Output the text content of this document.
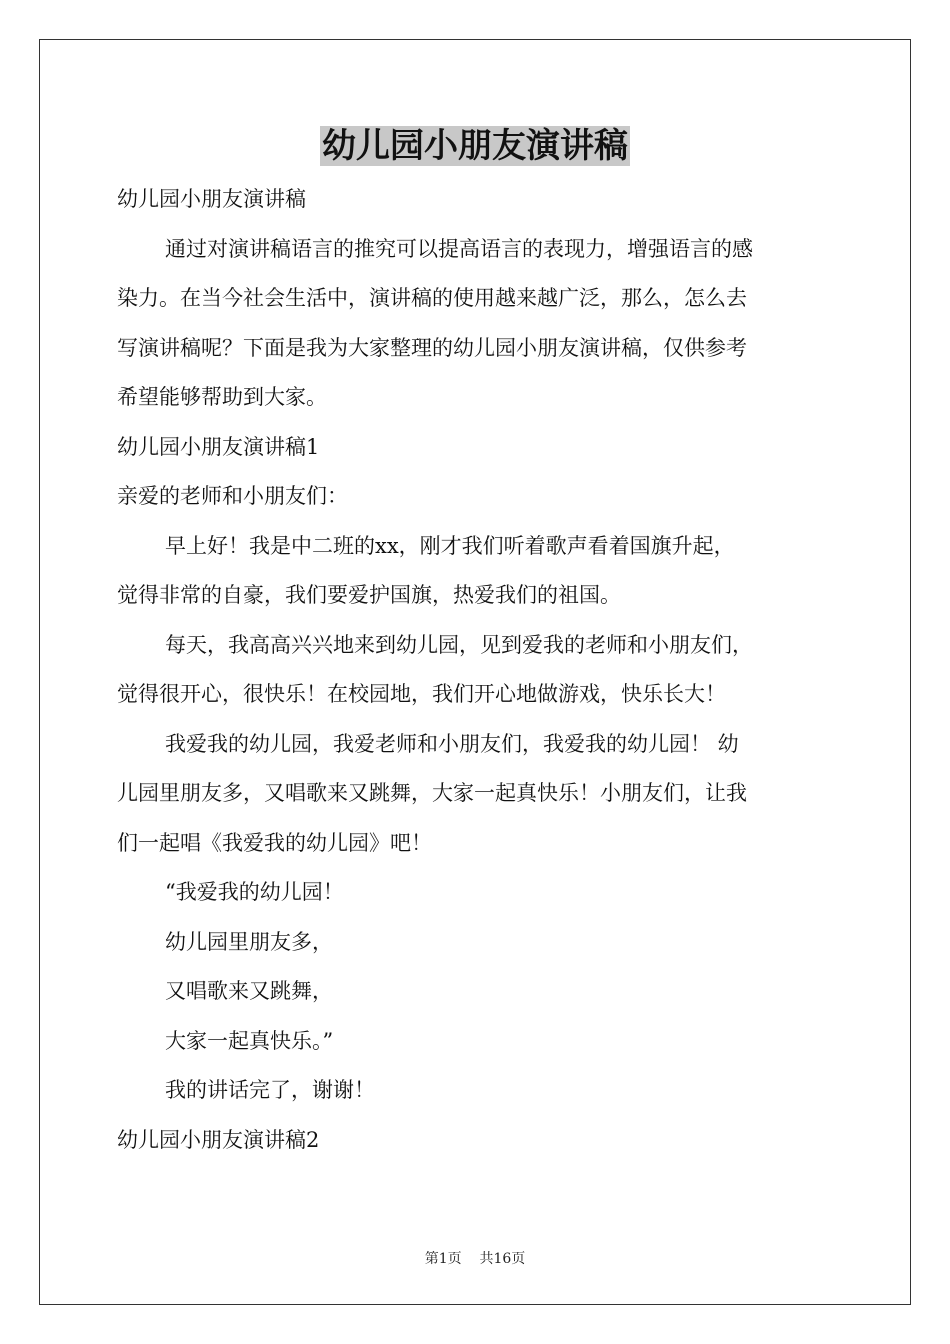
幼儿园小朋友演讲稿

幼儿园小朋友演讲稿

通过对演讲稿语言的推究可以提高语言的表现力，增强语言的感

染力。在当今社会生活中，演讲稿的使用越来越广泛，那么，怎么去

写演讲稿呢？下面是我为大家整理的幼儿园小朋友演讲稿，仅供参考

希望能够帮助到大家。

幼儿园小朋友演讲稿1

亲爱的老师和小朋友们：

早上好！我是中二班的xx，刚才我们听着歌声看着国旗升起，

觉得非常的自豪，我们要爱护国旗，热爱我们的祖国。

每天，我高高兴兴地来到幼儿园，见到爱我的老师和小朋友们，

觉得很开心，很快乐！在校园地，我们开心地做游戏，快乐长大！

我爱我的幼儿园，我爱老师和小朋友们，我爱我的幼儿园！ 幼

儿园里朋友多，又唱歌来又跳舞，大家一起真快乐！小朋友们，让我

们一起唱《我爱我的幼儿园》吧！

“我爱我的幼儿园！

幼儿园里朋友多，

又唱歌来又跳舞，

大家一起真快乐。”

我的讲话完了，谢谢！

幼儿园小朋友演讲稿2

第1页    共16页
